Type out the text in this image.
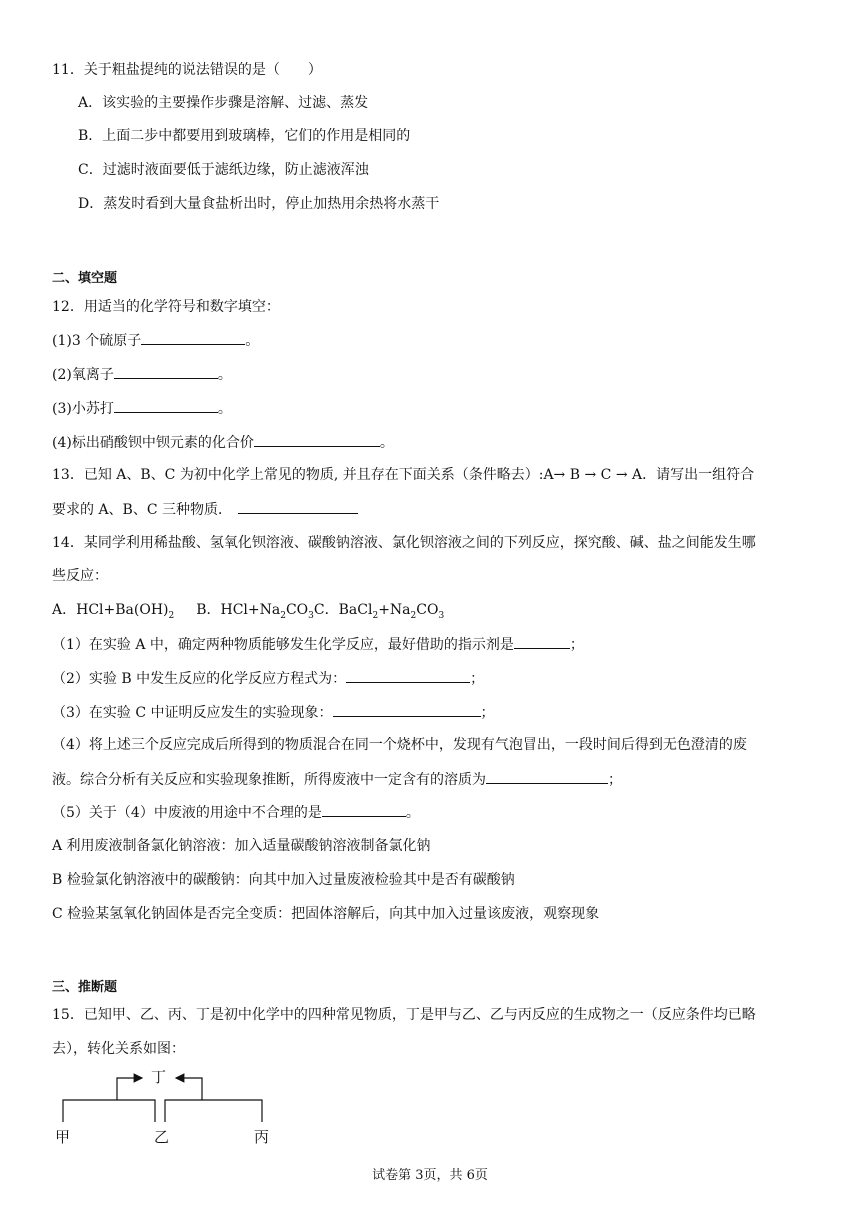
11．关于粗盐提纯的说法错误的是（　　）
A．该实验的主要操作步骤是溶解、过滤、蒸发
B．上面二步中都要用到玻璃棒，它们的作用是相同的
C．过滤时液面要低于滤纸边缘，防止滤液浑浊
D．蒸发时看到大量食盐析出时，停止加热用余热将水蒸干
二、填空题
12．用适当的化学符号和数字填空：
(1)3 个硫原子	。
(2)氧离子	。
(3)小苏打	。
(4)标出硝酸钡中钡元素的化合价	。
13．已知 A、B、C 为初中化学上常见的物质, 并且存在下面关系（条件略去）:A→ B → C → A．请写出一组符合
要求的 A、B、C 三种物质．
14．某同学利用稀盐酸、氢氧化钡溶液、碳酸钠溶液、氯化钡溶液之间的下列反应，探究酸、碱、盐之间能发生哪
些反应：
A．$HCl+Ba(OH)_2$ B．$HCl+Na_2CO_3C$．$BaCl_2+Na_2CO_3$
（1）在实验 A 中，确定两种物质能够发生化学反应，最好借助的指示剂是	；
（2）实验 B 中发生反应的化学反应方程式为：	；
（3）在实验 C 中证明反应发生的实验现象：	；
（4）将上述三个反应完成后所得到的物质混合在同一个烧杯中，发现有气泡冒出，一段时间后得到无色澄清的废
液。综合分析有关反应和实验现象推断，所得废液中一定含有的溶质为	；
（5）关于（4）中废液的用途中不合理的是	。
A 利用废液制备氯化钠溶液：加入适量碳酸钠溶液制备氯化钠
B 检验氯化钠溶液中的碳酸钠：向其中加入过量废液检验其中是否有碳酸钠
C 检验某氢氧化钠固体是否完全变质：把固体溶解后，向其中加入过量该废液，观察现象
三、推断题
15．已知甲、乙、丙、丁是初中化学中的四种常见物质，丁是甲与乙、乙与丙反应的生成物之一（反应条件均已略
去），转化关系如图：
丁
甲	乙	丙
试卷第 3页，共 6页
